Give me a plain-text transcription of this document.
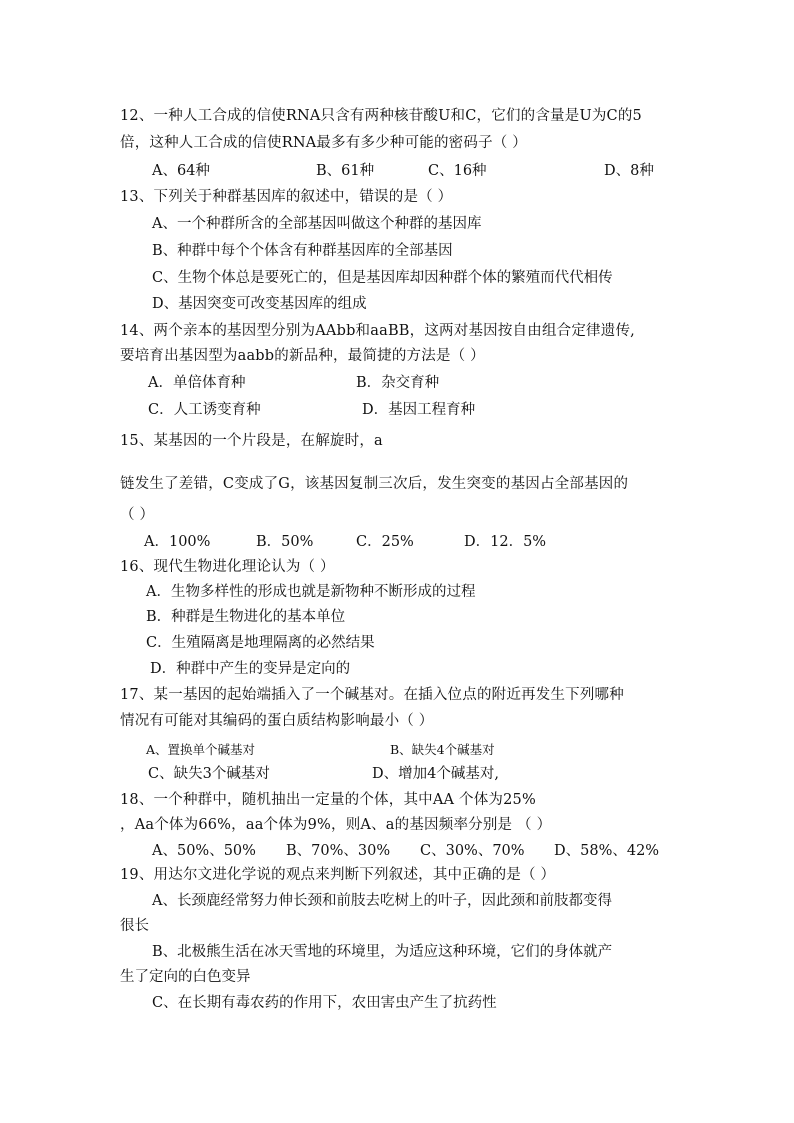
12、一种人工合成的信使RNA只含有两种核苷酸U和C，它们的含量是U为C的5
倍，这种人工合成的信使RNA最多有多少种可能的密码子（ ）
A、64种	B、61种	C、16种	D、8种
13、下列关于种群基因库的叙述中，错误的是（ ）
A、一个种群所含的全部基因叫做这个种群的基因库
B、种群中每个个体含有种群基因库的全部基因
C、生物个体总是要死亡的，但是基因库却因种群个体的繁殖而代代相传
D、基因突变可改变基因库的组成
14、两个亲本的基因型分别为AAbb和aaBB，这两对基因按自由组合定律遗传,
要培育出基因型为aabb的新品种，最简捷的方法是（ ）
A．单倍体育种	B．杂交育种
C．人工诱变育种	D．基因工程育种
15、某基因的一个片段是，在解旋时，a
链发生了差错，C变成了G，该基因复制三次后，发生突变的基因占全部基因的
（ ）
A．100%	B．50%	C．25%	D．12．5%
16、现代生物进化理论认为（ ）
A．生物多样性的形成也就是新物种不断形成的过程
B．种群是生物进化的基本单位
C．生殖隔离是地理隔离的必然结果
D．种群中产生的变异是定向的
17、某一基因的起始端插入了一个碱基对。在插入位点的附近再发生下列哪种
情况有可能对其编码的蛋白质结构影响最小（ ）
A、置换单个碱基对	B、缺失4个碱基对
C、缺失3个碱基对	D、增加4个碱基对,
18、一个种群中，随机抽出一定量的个体，其中AA 个体为25%
，Aa个体为66%，aa个体为9%，则A、a的基因频率分别是 （ ）
A、50%、50% B、70%、30% C、30%、70% D、58%、42%
19、用达尔文进化学说的观点来判断下列叙述，其中正确的是（ ）
A、长颈鹿经常努力伸长颈和前肢去吃树上的叶子，因此颈和前肢都变得
很长
B、北极熊生活在冰天雪地的环境里，为适应这种环境，它们的身体就产
生了定向的白色变异
C、在长期有毒农药的作用下，农田害虫产生了抗药性
